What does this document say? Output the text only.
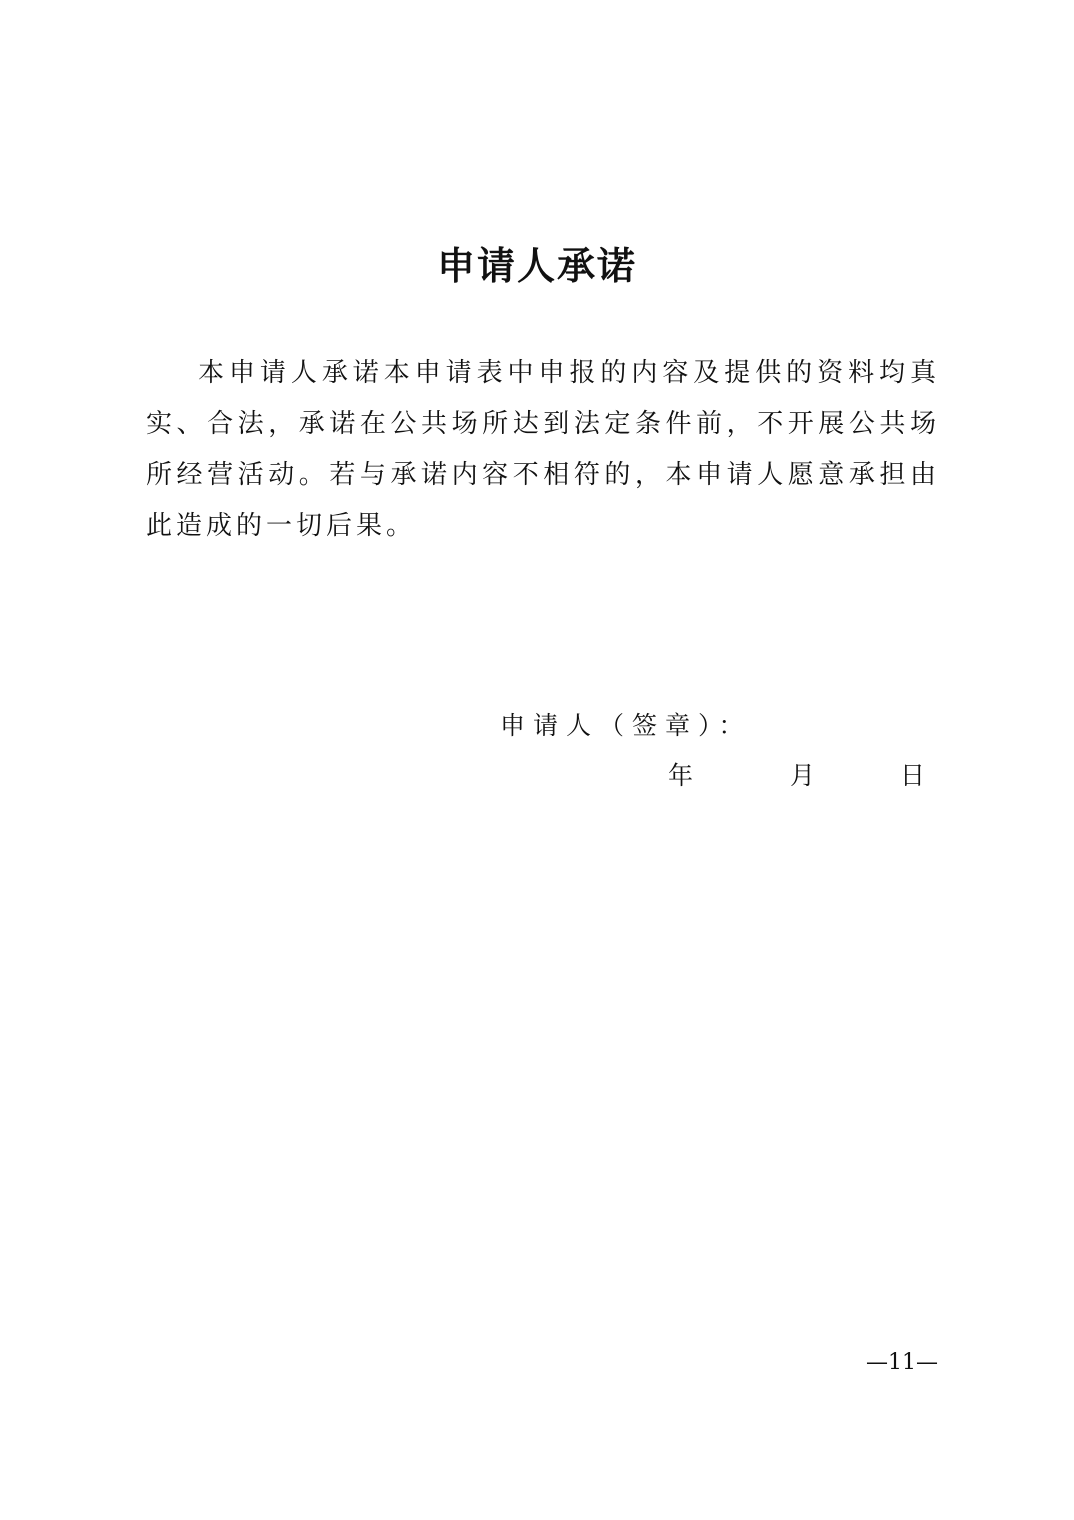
申请人承诺

本申请人承诺本申请表中申报的内容及提供的资料均真实、合法，承诺在公共场所达到法定条件前，不开展公共场所经营活动。若与承诺内容不相符的，本申请人愿意承担由此造成的一切后果。

申请人（签章）：
年	月	日
—11—
